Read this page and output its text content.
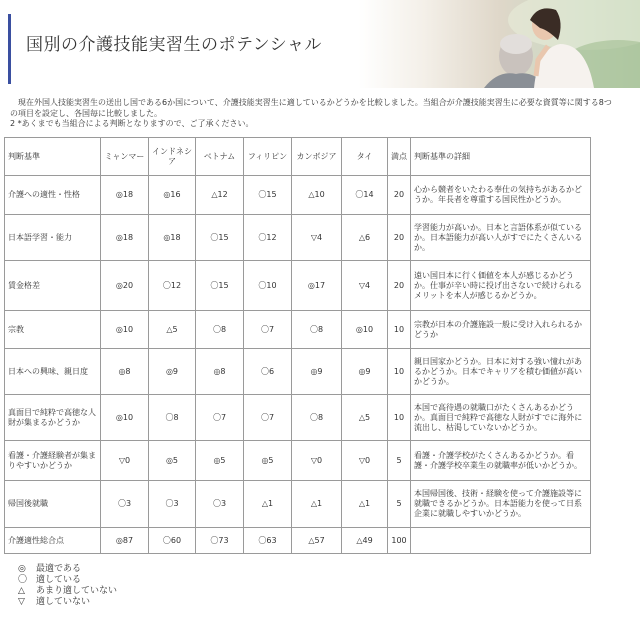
国別の介護技能実習生のポテンシャル

現在外国人技能実習生の送出し国である6か国について、介護技能実習生に適しているかどうかを比較しました。当組合が介護技能実習生に必要な資質等に関する8つ

の項目を設定し、各国毎に比較しました。

2 *あくまでも当組合による判断となりますので、ご了承ください。

判断基準	ミャンマー	インドネシア	ベトナム	フィリピン	カンボジア	タイ	満点	判断基準の詳細
介護への適性・性格	◎18	◎16	△12	〇15	△10	〇14	20	心から競者をいたわる奉仕の気持ちがあるかどうか。年長者を尊重する国民性かどうか。
日本語学習・能力	◎18	◎18	〇15	〇12	▽4	△6	20	学習能力が高いか。日本と言語体系が似ているか。日本語能力が高い人がすでにたくさんいるか。
賃金格差	◎20	〇12	〇15	〇10	◎17	▽4	20	遠い国日本に行く価値を本人が感じるかどうか。仕事が辛い時に投げ出さないで続けられるメリットを本人が感じるかどうか。
宗教	◎10	△5	〇8	〇7	〇8	◎10	10	宗教が日本の介護施設一般に受け入れられるかどうか
日本への興味、親日度	◎8	◎9	◎8	〇6	◎9	◎9	10	親日国家かどうか。日本に対する強い憧れがあるかどうか。日本でキャリアを積む価値が高いかどうか。
真面目で純粋で高徳な人財が集まるかどうか	◎10	〇8	〇7	〇7	〇8	△5	10	本国で高待遇の就職口がたくさんあるかどうか。真面目で純粋で高徳な人財がすでに海外に流出し、枯渇していないかどうか。
看護・介護経験者が集まりやすいかどうか	▽0	◎5	◎5	◎5	▽0	▽0	5	看護・介護学校がたくさんあるかどうか。看護・介護学校卒業生の就職率が低いかどうか。
帰国後就職	〇3	〇3	〇3	△1	△1	△1	5	本国帰国後、技術・経験を使って介護施設等に就職できるかどうか。日本語能力を使って日系企業に就職しやすいかどうか。
介護適性総合点	◎87	〇60	〇73	〇63	△57	△49	100	
◎	最適である
〇 適している
△	あまり適していない
▽	適していない
